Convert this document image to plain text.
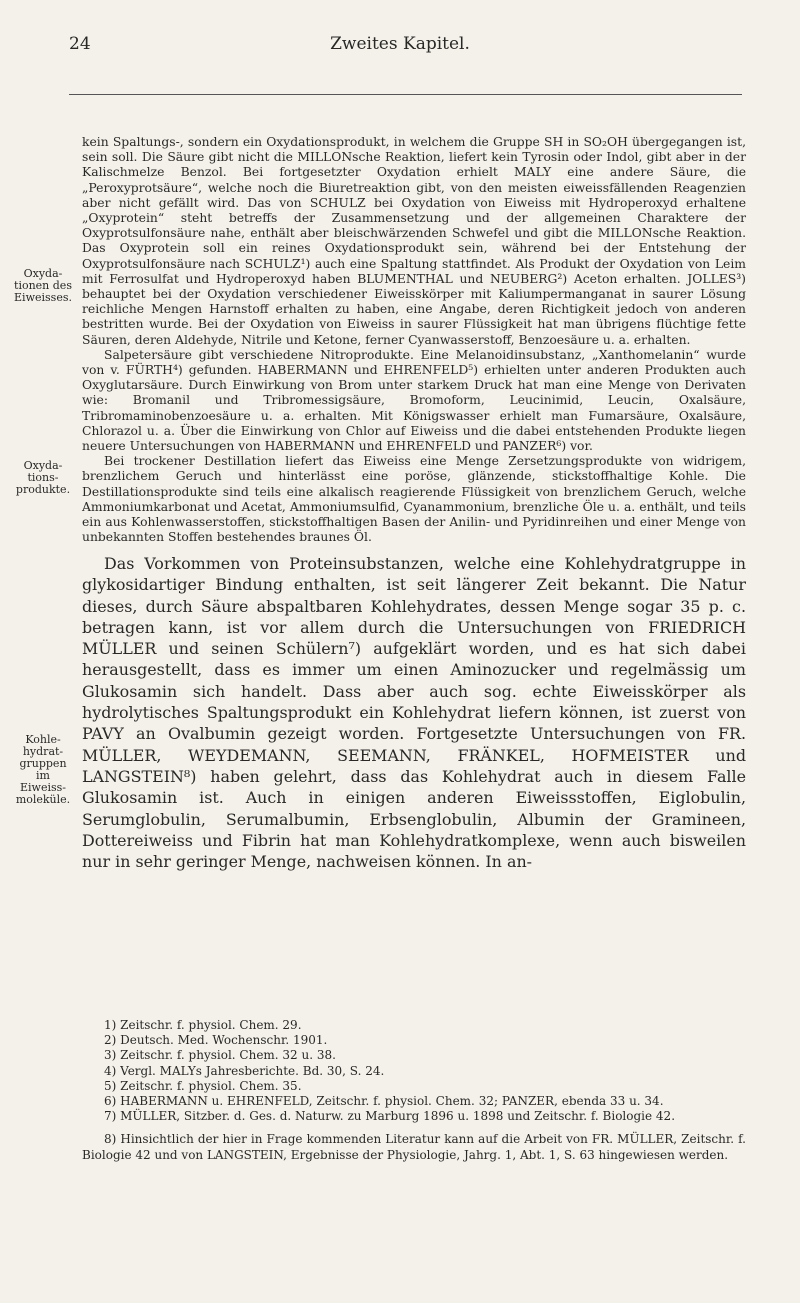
24	Zweites Kapitel.
Oxyda-
tionen des
Eiweisses.
Oxyda-
tions-
produkte.
Kohle-
hydrat-
gruppen im
Eiweiss-
moleküle.

kein Spaltungs-, sondern ein Oxydationsprodukt, in welchem die Gruppe SH in SO₂OH übergegangen ist, sein soll. Die Säure gibt nicht die MILLONsche Reaktion, liefert kein Tyrosin oder Indol, gibt aber in der Kalischmelze Benzol. Bei fortgesetzter Oxydation erhielt MALY eine andere Säure, die „Peroxyprotsäure“, welche noch die Biuretreaktion gibt, von den meisten eiweissfällenden Reagenzien aber nicht gefällt wird. Das von SCHULZ bei Oxydation von Eiweiss mit Hydroperoxyd erhaltene „Oxyprotein“ steht betreffs der Zusammensetzung und der allgemeinen Charaktere der Oxyprotsulfonsäure nahe, enthält aber bleischwärzenden Schwefel und gibt die MILLONsche Reaktion. Das Oxyprotein soll ein reines Oxydationsprodukt sein, während bei der Entstehung der Oxyprotsulfonsäure nach SCHULZ¹) auch eine Spaltung stattfindet. Als Produkt der Oxydation von Leim mit Ferrosulfat und Hydroperoxyd haben BLUMENTHAL und NEUBERG²) Aceton erhalten. JOLLES³) behauptet bei der Oxydation verschiedener Eiweisskörper mit Kaliumpermanganat in saurer Lösung reichliche Mengen Harnstoff erhalten zu haben, eine Angabe, deren Richtigkeit jedoch von anderen bestritten wurde. Bei der Oxydation von Eiweiss in saurer Flüssigkeit hat man übrigens flüchtige fette Säuren, deren Aldehyde, Nitrile und Ketone, ferner Cyanwasserstoff, Benzoesäure u. a. erhalten.

Salpetersäure gibt verschiedene Nitroprodukte. Eine Melanoidinsubstanz, „Xanthomelanin“ wurde von v. FÜRTH⁴) gefunden. HABERMANN und EHRENFELD⁵) erhielten unter anderen Produkten auch Oxyglutarsäure. Durch Einwirkung von Brom unter starkem Druck hat man eine Menge von Derivaten wie: Bromanil und Tribromessigsäure, Bromoform, Leucinimid, Leucin, Oxalsäure, Tribromaminobenzoesäure u. a. erhalten. Mit Königswasser erhielt man Fumarsäure, Oxalsäure, Chlorazol u. a. Über die Einwirkung von Chlor auf Eiweiss und die dabei entstehenden Produkte liegen neuere Untersuchungen von HABERMANN und EHRENFELD und PANZER⁶) vor.

Bei trockener Destillation liefert das Eiweiss eine Menge Zersetzungsprodukte von widrigem, brenzlichem Geruch und hinterlässt eine poröse, glänzende, stickstoffhaltige Kohle. Die Destillationsprodukte sind teils eine alkalisch reagierende Flüssigkeit von brenzlichem Geruch, welche Ammoniumkarbonat und Acetat, Ammoniumsulfid, Cyanammonium, brenzliche Öle u. a. enthält, und teils ein aus Kohlenwasserstoffen, stickstoffhaltigen Basen der Anilin- und Pyridinreihen und einer Menge von unbekannten Stoffen bestehendes braunes Öl.

Das Vorkommen von Proteinsubstanzen, welche eine Kohlehydratgruppe in glykosidartiger Bindung enthalten, ist seit längerer Zeit bekannt. Die Natur dieses, durch Säure abspaltbaren Kohlehydrates, dessen Menge sogar 35 p. c. betragen kann, ist vor allem durch die Untersuchungen von FRIEDRICH MÜLLER und seinen Schülern⁷) aufgeklärt worden, und es hat sich dabei herausgestellt, dass es immer um einen Aminozucker und regelmässig um Glukosamin sich handelt. Dass aber auch sog. echte Eiweisskörper als hydrolytisches Spaltungsprodukt ein Kohlehydrat liefern können, ist zuerst von PAVY an Ovalbumin gezeigt worden. Fortgesetzte Untersuchungen von FR. MÜLLER, WEYDEMANN, SEEMANN, FRÄNKEL, HOFMEISTER und LANGSTEIN⁸) haben gelehrt, dass das Kohlehydrat auch in diesem Falle Glukosamin ist. Auch in einigen anderen Eiweissstoffen, Eiglobulin, Serumglobulin, Serumalbumin, Erbsenglobulin, Albumin der Gramineen, Dottereiweiss und Fibrin hat man Kohlehydratkomplexe, wenn auch bisweilen nur in sehr geringer Menge, nachweisen können. In an-

1) Zeitschr. f. physiol. Chem. 29.
2) Deutsch. Med. Wochenschr. 1901.
3) Zeitschr. f. physiol. Chem. 32 u. 38.
4) Vergl. MALYs Jahresberichte. Bd. 30, S. 24.
5) Zeitschr. f. physiol. Chem. 35.
6) HABERMANN u. EHRENFELD, Zeitschr. f. physiol. Chem. 32; PANZER, ebenda 33 u. 34.
7) MÜLLER, Sitzber. d. Ges. d. Naturw. zu Marburg 1896 u. 1898 und Zeitschr. f. Biologie 42.
8) Hinsichtlich der hier in Frage kommenden Literatur kann auf die Arbeit von FR. MÜLLER, Zeitschr. f. Biologie 42 und von LANGSTEIN, Ergebnisse der Physiologie, Jahrg. 1, Abt. 1, S. 63 hingewiesen werden.
